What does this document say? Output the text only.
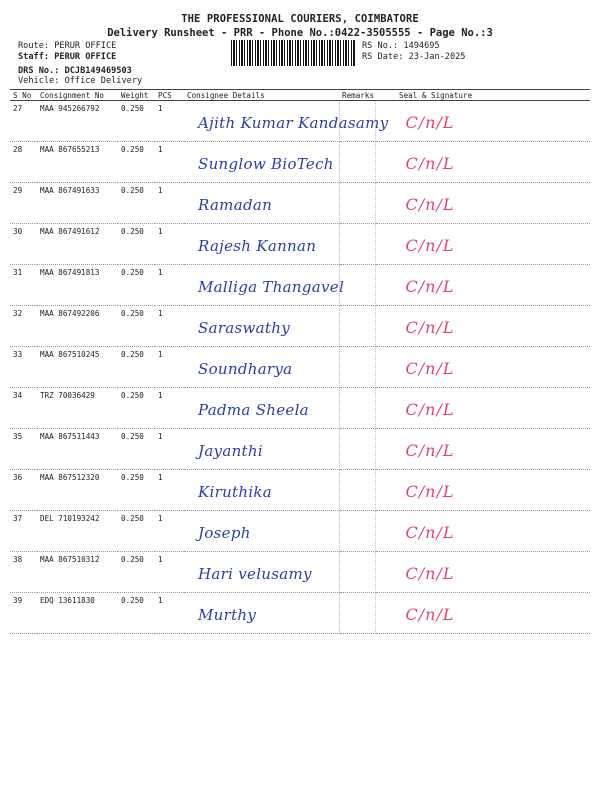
THE PROFESSIONAL COURIERS, COIMBATORE
Delivery Runsheet - PRR - Phone No.:0422-3505555 - Page No.:3
Route: PERUR OFFICE
Staff: PERUR OFFICE
DRS No.: DCJB149469503
Vehicle: Office Delivery
RS No.: 1494695
RS Date: 23-Jan-2025
S No	Consignment No	Weight	PCS	Consignee Details	Remarks	Seal & Signature
27	MAA 945266792	0.250	1	Ajith Kumar Kandasamy		C/n/L

28	MAA 867655213	0.250	1	Sunglow BioTech		C/n/L

29	MAA 867491633	0.250	1	Ramadan		C/n/L

30	MAA 867491612	0.250	1	Rajesh Kannan		C/n/L

31	MAA 867491813	0.250	1	Malliga Thangavel		C/n/L

32	MAA 867492206	0.250	1	Saraswathy		C/n/L

33	MAA 867510245	0.250	1	Soundharya		C/n/L

34	TRZ 70036429	0.250	1	Padma Sheela		C/n/L

35	MAA 867511443	0.250	1	Jayanthi		C/n/L

36	MAA 867512320	0.250	1	Kiruthika		C/n/L

37	DEL 710193242	0.250	1	Joseph		C/n/L

38	MAA 867510312	0.250	1	Hari velusamy		C/n/L

39	EDQ 13611830	0.250	1	Murthy		C/n/L
